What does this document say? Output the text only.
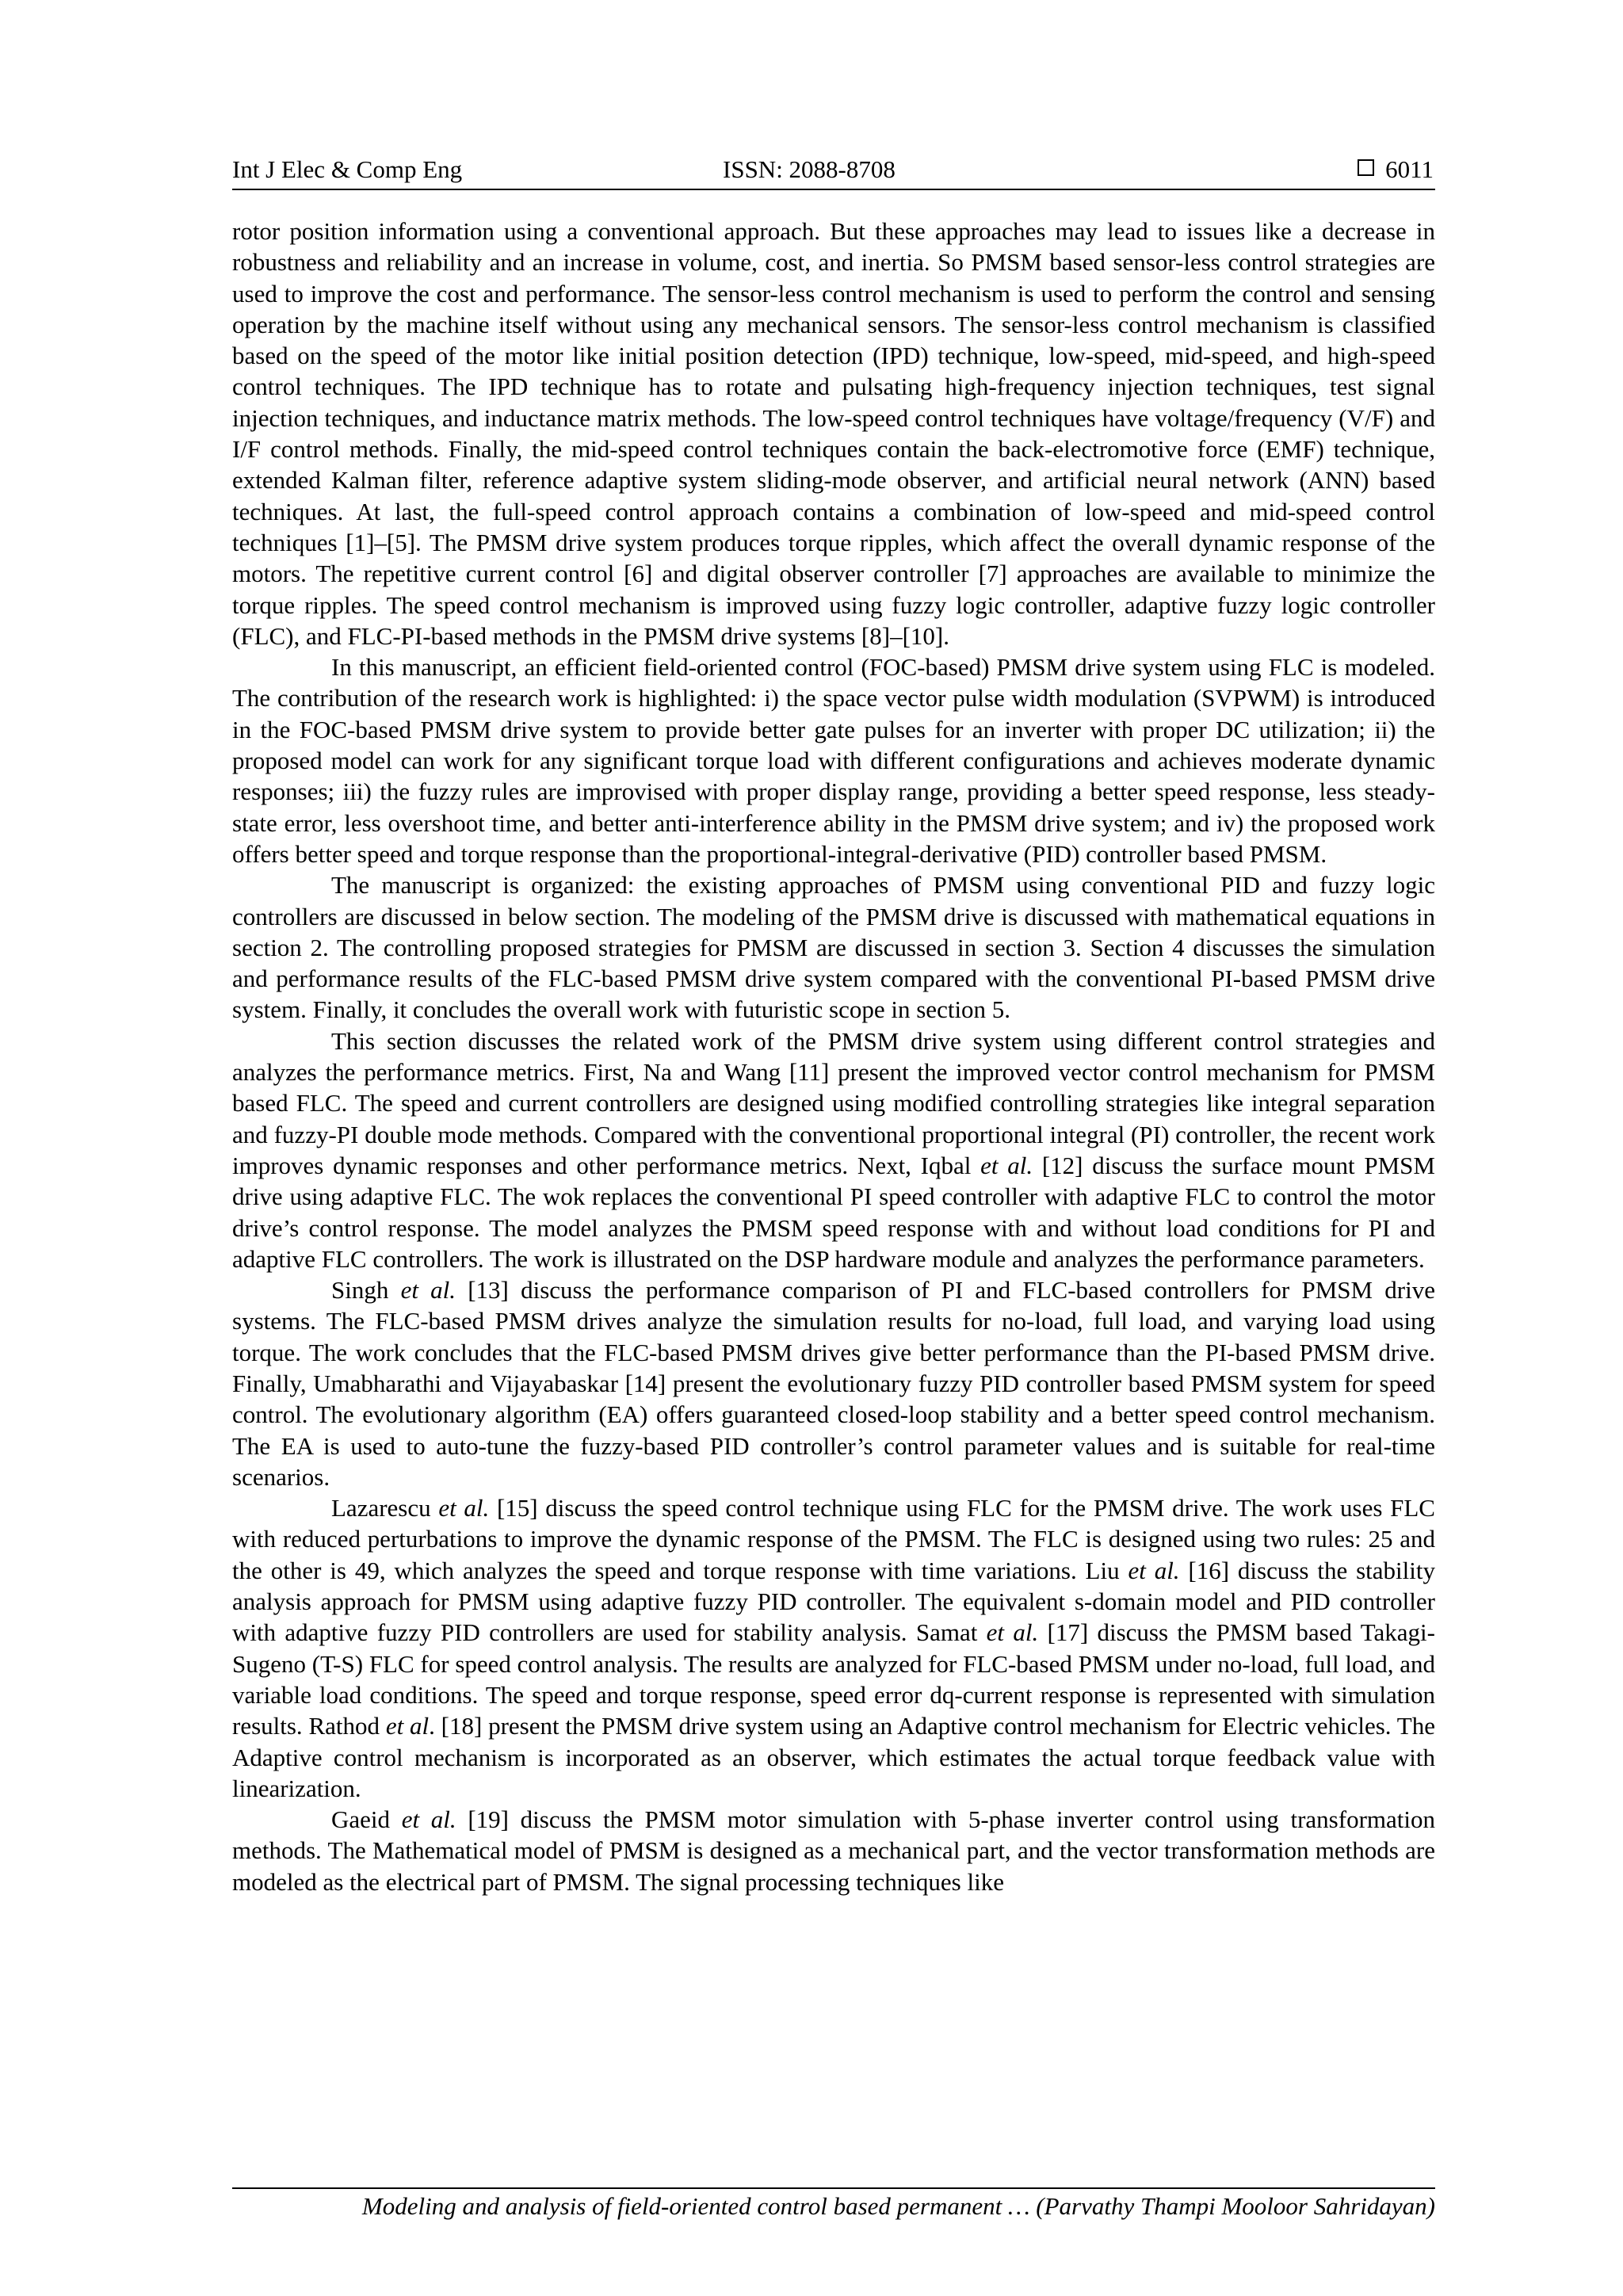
Int J Elec & Comp Eng	ISSN: 2088-8708	6011

rotor position information using a conventional approach. But these approaches may lead to issues like a decrease in robustness and reliability and an increase in volume, cost, and inertia. So PMSM based sensor-less control strategies are used to improve the cost and performance. The sensor-less control mechanism is used to perform the control and sensing operation by the machine itself without using any mechanical sensors. The sensor-less control mechanism is classified based on the speed of the motor like initial position detection (IPD) technique, low-speed, mid-speed, and high-speed control techniques. The IPD technique has to rotate and pulsating high-frequency injection techniques, test signal injection techniques, and inductance matrix methods. The low-speed control techniques have voltage/frequency (V/F) and I/F control methods. Finally, the mid-speed control techniques contain the back-electromotive force (EMF) technique, extended Kalman filter, reference adaptive system sliding-mode observer, and artificial neural network (ANN) based techniques. At last, the full-speed control approach contains a combination of low-speed and mid-speed control techniques [1]–[5]. The PMSM drive system produces torque ripples, which affect the overall dynamic response of the motors. The repetitive current control [6] and digital observer controller [7] approaches are available to minimize the torque ripples. The speed control mechanism is improved using fuzzy logic controller, adaptive fuzzy logic controller (FLC), and FLC-PI-based methods in the PMSM drive systems [8]–[10].

In this manuscript, an efficient field-oriented control (FOC-based) PMSM drive system using FLC is modeled. The contribution of the research work is highlighted: i) the space vector pulse width modulation (SVPWM) is introduced in the FOC-based PMSM drive system to provide better gate pulses for an inverter with proper DC utilization; ii) the proposed model can work for any significant torque load with different configurations and achieves moderate dynamic responses; iii) the fuzzy rules are improvised with proper display range, providing a better speed response, less steady-state error, less overshoot time, and better anti-interference ability in the PMSM drive system; and iv) the proposed work offers better speed and torque response than the proportional-integral-derivative (PID) controller based PMSM.

The manuscript is organized: the existing approaches of PMSM using conventional PID and fuzzy logic controllers are discussed in below section. The modeling of the PMSM drive is discussed with mathematical equations in section 2. The controlling proposed strategies for PMSM are discussed in section 3. Section 4 discusses the simulation and performance results of the FLC-based PMSM drive system compared with the conventional PI-based PMSM drive system. Finally, it concludes the overall work with futuristic scope in section 5.

This section discusses the related work of the PMSM drive system using different control strategies and analyzes the performance metrics. First, Na and Wang [11] present the improved vector control mechanism for PMSM based FLC. The speed and current controllers are designed using modified controlling strategies like integral separation and fuzzy-PI double mode methods. Compared with the conventional proportional integral (PI) controller, the recent work improves dynamic responses and other performance metrics. Next, Iqbal et al. [12] discuss the surface mount PMSM drive using adaptive FLC. The wok replaces the conventional PI speed controller with adaptive FLC to control the motor drive’s control response. The model analyzes the PMSM speed response with and without load conditions for PI and adaptive FLC controllers. The work is illustrated on the DSP hardware module and analyzes the performance parameters.

Singh et al. [13] discuss the performance comparison of PI and FLC-based controllers for PMSM drive systems. The FLC-based PMSM drives analyze the simulation results for no-load, full load, and varying load using torque. The work concludes that the FLC-based PMSM drives give better performance than the PI-based PMSM drive. Finally, Umabharathi and Vijayabaskar [14] present the evolutionary fuzzy PID controller based PMSM system for speed control. The evolutionary algorithm (EA) offers guaranteed closed-loop stability and a better speed control mechanism. The EA is used to auto-tune the fuzzy-based PID controller’s control parameter values and is suitable for real-time scenarios.

Lazarescu et al. [15] discuss the speed control technique using FLC for the PMSM drive. The work uses FLC with reduced perturbations to improve the dynamic response of the PMSM. The FLC is designed using two rules: 25 and the other is 49, which analyzes the speed and torque response with time variations. Liu et al. [16] discuss the stability analysis approach for PMSM using adaptive fuzzy PID controller. The equivalent s-domain model and PID controller with adaptive fuzzy PID controllers are used for stability analysis. Samat et al. [17] discuss the PMSM based Takagi-Sugeno (T-S) FLC for speed control analysis. The results are analyzed for FLC-based PMSM under no-load, full load, and variable load conditions. The speed and torque response, speed error dq-current response is represented with simulation results. Rathod et al. [18] present the PMSM drive system using an Adaptive control mechanism for Electric vehicles. The Adaptive control mechanism is incorporated as an observer, which estimates the actual torque feedback value with linearization.

Gaeid et al. [19] discuss the PMSM motor simulation with 5-phase inverter control using transformation methods. The Mathematical model of PMSM is designed as a mechanical part, and the vector transformation methods are modeled as the electrical part of PMSM. The signal processing techniques like

Modeling and analysis of field-oriented control based permanent … (Parvathy Thampi Mooloor Sahridayan)
